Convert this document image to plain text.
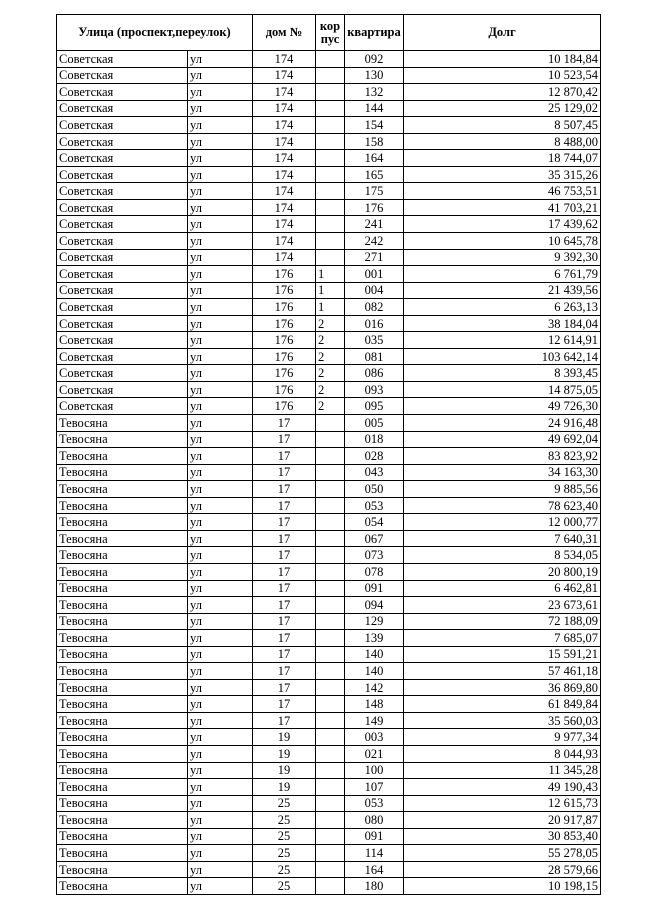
Улица (проспект,переулок)		дом №	кор пус	квартира	Долг
Советская	ул	174		092	10 184,84
Советская	ул	174		130	10 523,54
Советская	ул	174		132	12 870,42
Советская	ул	174		144	25 129,02
Советская	ул	174		154	8 507,45
Советская	ул	174		158	8 488,00
Советская	ул	174		164	18 744,07
Советская	ул	174		165	35 315,26
Советская	ул	174		175	46 753,51
Советская	ул	174		176	41 703,21
Советская	ул	174		241	17 439,62
Советская	ул	174		242	10 645,78
Советская	ул	174		271	9 392,30
Советская	ул	176	1	001	6 761,79
Советская	ул	176	1	004	21 439,56
Советская	ул	176	1	082	6 263,13
Советская	ул	176	2	016	38 184,04
Советская	ул	176	2	035	12 614,91
Советская	ул	176	2	081	103 642,14
Советская	ул	176	2	086	8 393,45
Советская	ул	176	2	093	14 875,05
Советская	ул	176	2	095	49 726,30
Тевосяна	ул	17		005	24 916,48
Тевосяна	ул	17		018	49 692,04
Тевосяна	ул	17		028	83 823,92
Тевосяна	ул	17		043	34 163,30
Тевосяна	ул	17		050	9 885,56
Тевосяна	ул	17		053	78 623,40
Тевосяна	ул	17		054	12 000,77
Тевосяна	ул	17		067	7 640,31
Тевосяна	ул	17		073	8 534,05
Тевосяна	ул	17		078	20 800,19
Тевосяна	ул	17		091	6 462,81
Тевосяна	ул	17		094	23 673,61
Тевосяна	ул	17		129	72 188,09
Тевосяна	ул	17		139	7 685,07
Тевосяна	ул	17		140	15 591,21
Тевосяна	ул	17		140	57 461,18
Тевосяна	ул	17		142	36 869,80
Тевосяна	ул	17		148	61 849,84
Тевосяна	ул	17		149	35 560,03
Тевосяна	ул	19		003	9 977,34
Тевосяна	ул	19		021	8 044,93
Тевосяна	ул	19		100	11 345,28
Тевосяна	ул	19		107	49 190,43
Тевосяна	ул	25		053	12 615,73
Тевосяна	ул	25		080	20 917,87
Тевосяна	ул	25		091	30 853,40
Тевосяна	ул	25		114	55 278,05
Тевосяна	ул	25		164	28 579,66
Тевосяна	ул	25		180	10 198,15
